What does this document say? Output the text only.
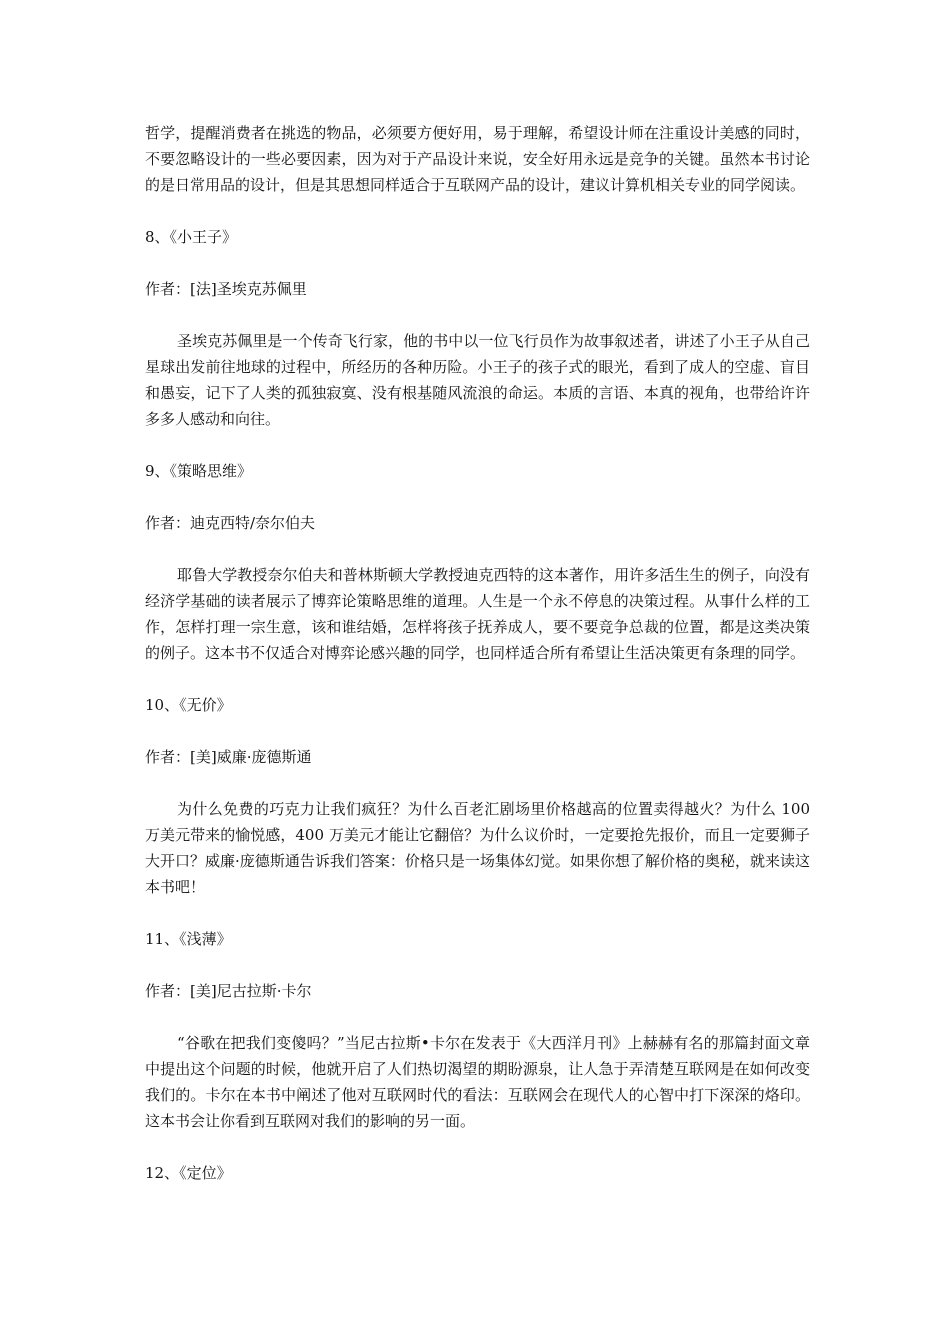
哲学，提醒消费者在挑选的物品，必须要方便好用，易于理解，希望设计师在注重设计美感的同时，不要忽略设计的一些必要因素，因为对于产品设计来说，安全好用永远是竞争的关键。虽然本书讨论的是日常用品的设计，但是其思想同样适合于互联网产品的设计，建议计算机相关专业的同学阅读。

8、《小王子》
作者：[法]圣埃克苏佩里

圣埃克苏佩里是一个传奇飞行家，他的书中以一位飞行员作为故事叙述者，讲述了小王子从自己星球出发前往地球的过程中，所经历的各种历险。小王子的孩子式的眼光，看到了成人的空虚、盲目和愚妄，记下了人类的孤独寂寞、没有根基随风流浪的命运。本质的言语、本真的视角，也带给许许多多人感动和向往。

9、《策略思维》
作者：迪克西特/奈尔伯夫

耶鲁大学教授奈尔伯夫和普林斯顿大学教授迪克西特的这本著作，用许多活生生的例子，向没有经济学基础的读者展示了博弈论策略思维的道理。人生是一个永不停息的决策过程。从事什么样的工作，怎样打理一宗生意，该和谁结婚，怎样将孩子抚养成人，要不要竞争总裁的位置，都是这类决策的例子。这本书不仅适合对博弈论感兴趣的同学，也同样适合所有希望让生活决策更有条理的同学。

10、《无价》
作者：[美]威廉·庞德斯通

为什么免费的巧克力让我们疯狂？为什么百老汇剧场里价格越高的位置卖得越火？为什么 100 万美元带来的愉悦感，400 万美元才能让它翻倍？为什么议价时，一定要抢先报价，而且一定要狮子大开口？威廉·庞德斯通告诉我们答案：价格只是一场集体幻觉。如果你想了解价格的奥秘，就来读这本书吧！

11、《浅薄》
作者：[美]尼古拉斯·卡尔

“谷歌在把我们变傻吗？”当尼古拉斯•卡尔在发表于《大西洋月刊》上赫赫有名的那篇封面文章中提出这个问题的时候，他就开启了人们热切渴望的期盼源泉，让人急于弄清楚互联网是在如何改变我们的。卡尔在本书中阐述了他对互联网时代的看法：互联网会在现代人的心智中打下深深的烙印。这本书会让你看到互联网对我们的影响的另一面。

12、《定位》
